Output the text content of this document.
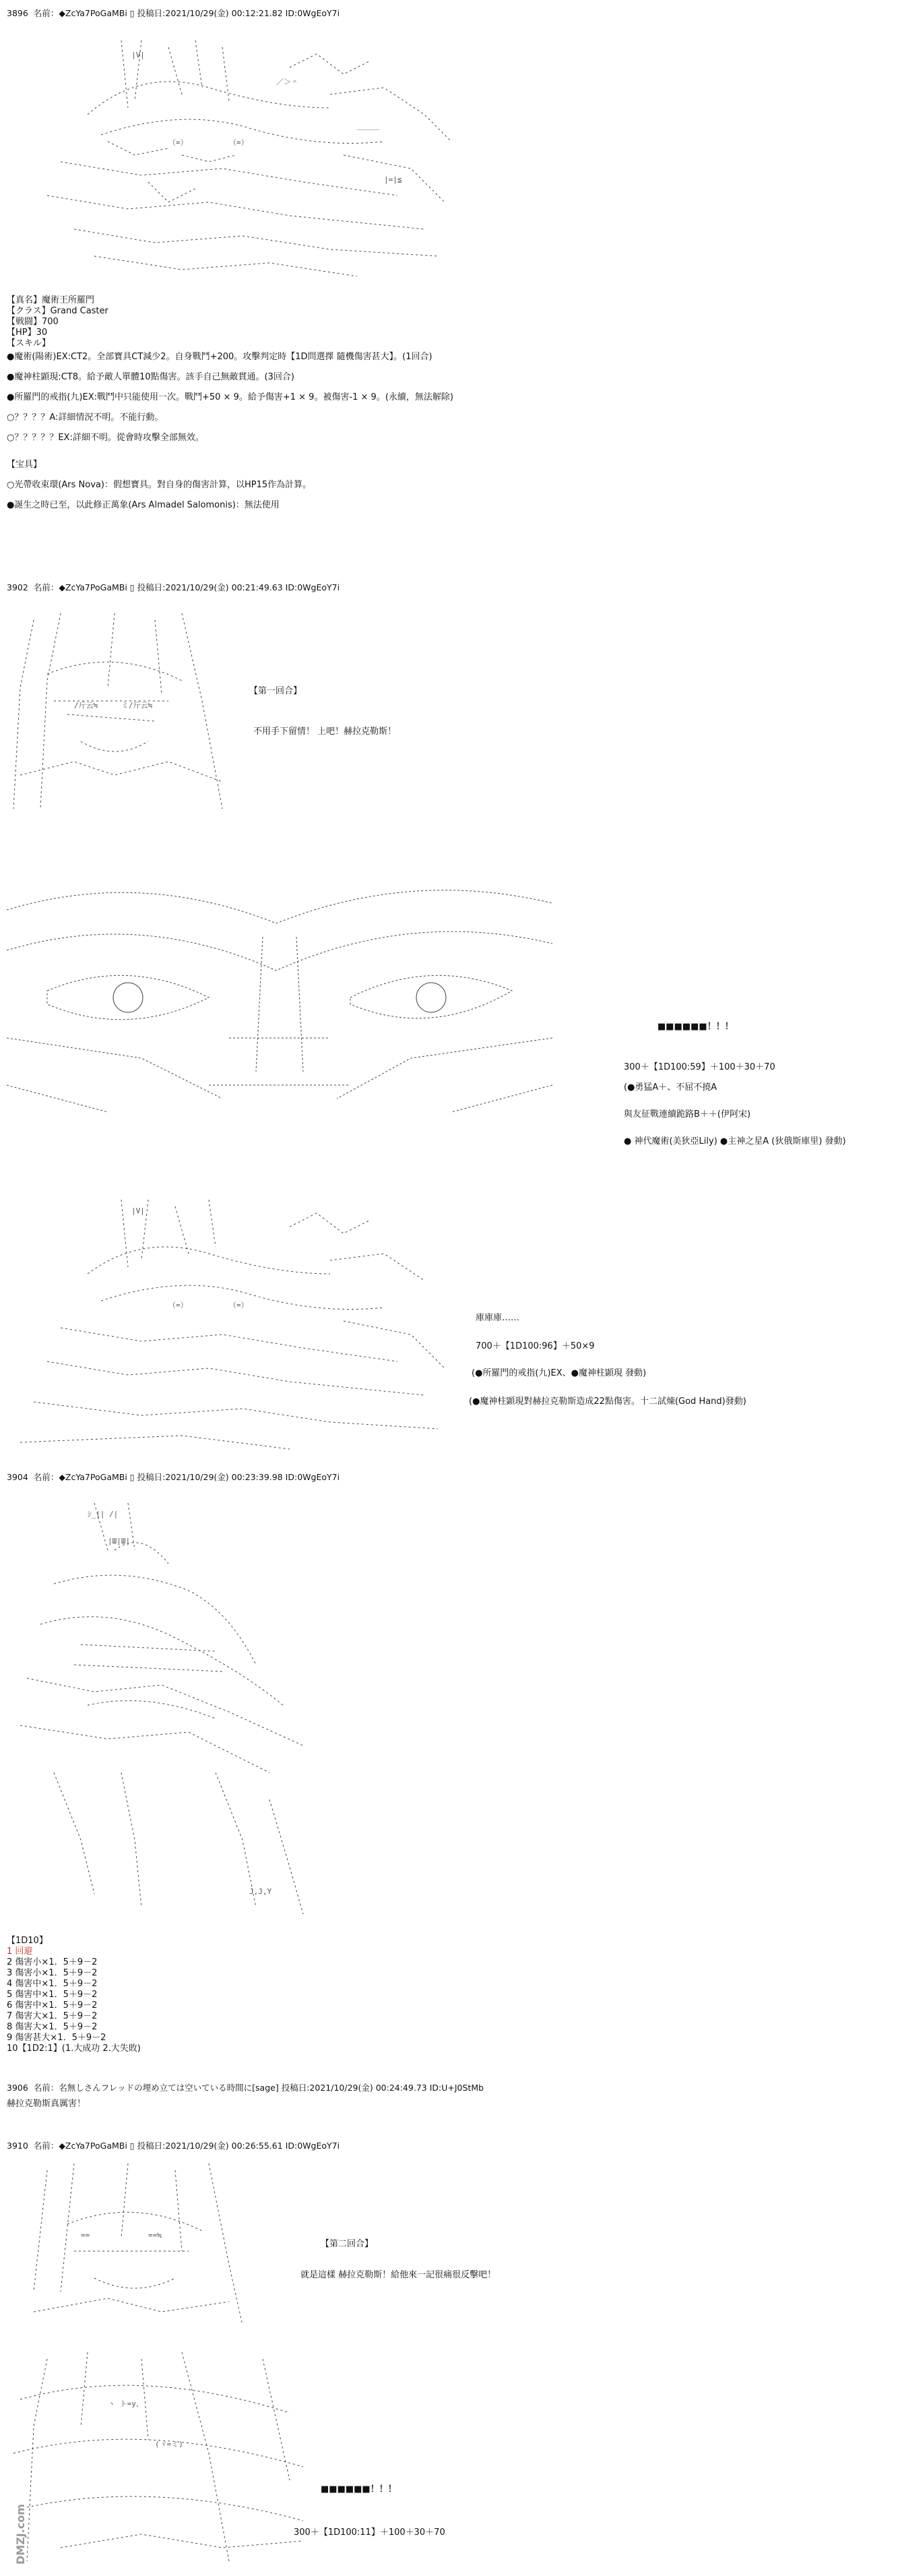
3896 名前：◆ZcYa7PoGaMBi ▯ 投稿日:2021/10/29(金) 00:12:21.82 ID:0WgEoY7i
|V|
／＞＾
_____
（=）	（=）
|=|≦
【真名】魔術王所羅門
【クラス】Grand Caster
【戦闘】700
【HP】30
【スキル】
●魔術(陽術)EX:CT2。全部寶具CT減少2。自身戰鬥+200。攻擊判定時【1D問選擇 隨機傷害甚大】。(1回合)
●魔神柱顕現:CT8。給予敵人單體10點傷害。該手自己無敵貫通。(3回合)
●所羅門的戒指(九)EX:戰鬥中只能使用一次。戰鬥+50 × 9。給予傷害+1 × 9。被傷害-1 × 9。(永續，無法解除)
○？？？？A:詳細情況不明。不能行動。
○？？？？？EX:詳細不明。從會時攻擊全部無效。
【宝具】
○光帶收束環(Ars Nova)：假想寶具。對自身的傷害計算，以HP15作為計算。
●誕生之時已至，以此修正萬象(Ars Almadel Salomonis)：無法使用
3902 名前：◆ZcYa7PoGaMBi ▯ 投稿日:2021/10/29(金) 00:21:49.63 ID:0WgEoY7i
/斤云≒	ミ/斤云≒
【第一回合】
不用手下留情！ 上吧！赫拉克勒斯！
■■■■■■！！！
300＋【1D100:59】＋100＋30＋70
(●勇猛A＋、不屈不撓A
與友征戰連續跪路B＋＋(伊阿宋)
● 神代魔術(美狄亞Lily) ●主神之星A (狄俄斯庫里) 發動)
|V|
（=）	（=）
庫庫庫……
700＋【1D100:96】＋50×9
(●所羅門的戒指(九)EX、●魔神柱顕現 發動)
(●魔神柱顕現對赫拉克勒斯造成22點傷害。十二試煉(God Hand)發動)
3904 名前：◆ZcYa7PoGaMBi ▯ 投稿日:2021/10/29(金) 00:23:39.98 ID:0WgEoY7i
ｼ_|| /|
|Ш|Ш|
J,J,Y
【1D10】
1 回避
2 傷害小×1．5＋9－2
3 傷害小×1．5＋9－2
4 傷害中×1．5＋9－2
5 傷害中×1．5＋9－2
6 傷害中×1．5＋9－2
7 傷害大×1．5＋9－2
8 傷害大×1．5＋9－2
9 傷害甚大×1．5＋9－2
10【1D2:1】(1.大成功 2.大失敗)
3906 名前：名無しさんフレッドの埋め立ては空いている時間に[sage] 投稿日:2021/10/29(金) 00:24:49.73 ID:U+J0StMb
赫拉克勒斯真厲害！
3910 名前：◆ZcYa7PoGaMBi ▯ 投稿日:2021/10/29(金) 00:26:55.61 ID:0WgEoY7i
==	==≒
【第二回合】
就是這樣 赫拉克勒斯！給他來一記很痛很反擊吧！
ヽ ト=y、
(ヾ=ミ)
■■■■■■！！！
300＋【1D100:11】＋100＋30＋70
DMZJ.com
